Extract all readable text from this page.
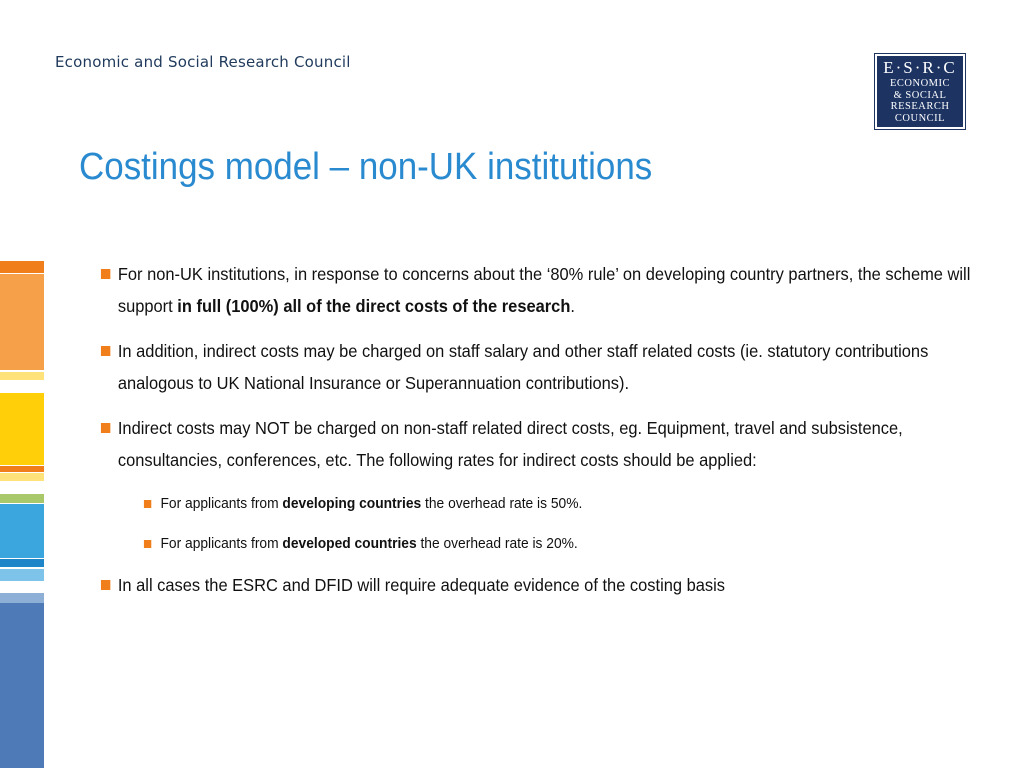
Economic and Social Research Council	E·S·R·C
ECONOMIC
& SOCIAL
RESEARCH
COUNCIL
Costings model – non-UK institutions
For non-UK institutions, in response to concerns about the ‘80% rule’ on developing country partners, the scheme will support in full (100%) all of the direct costs of the research.
In addition, indirect costs may be charged on staff salary and other staff related costs (ie. statutory contributions analogous to UK National Insurance or Superannuation contributions).
Indirect costs may NOT be charged on non-staff related direct costs, eg. Equipment, travel and subsistence, consultancies, conferences, etc. The following rates for indirect costs should be applied:
For applicants from developing countries the overhead rate is 50%.
For applicants from developed countries the overhead rate is 20%.
In all cases the ESRC and DFID will require adequate evidence of the costing basis
